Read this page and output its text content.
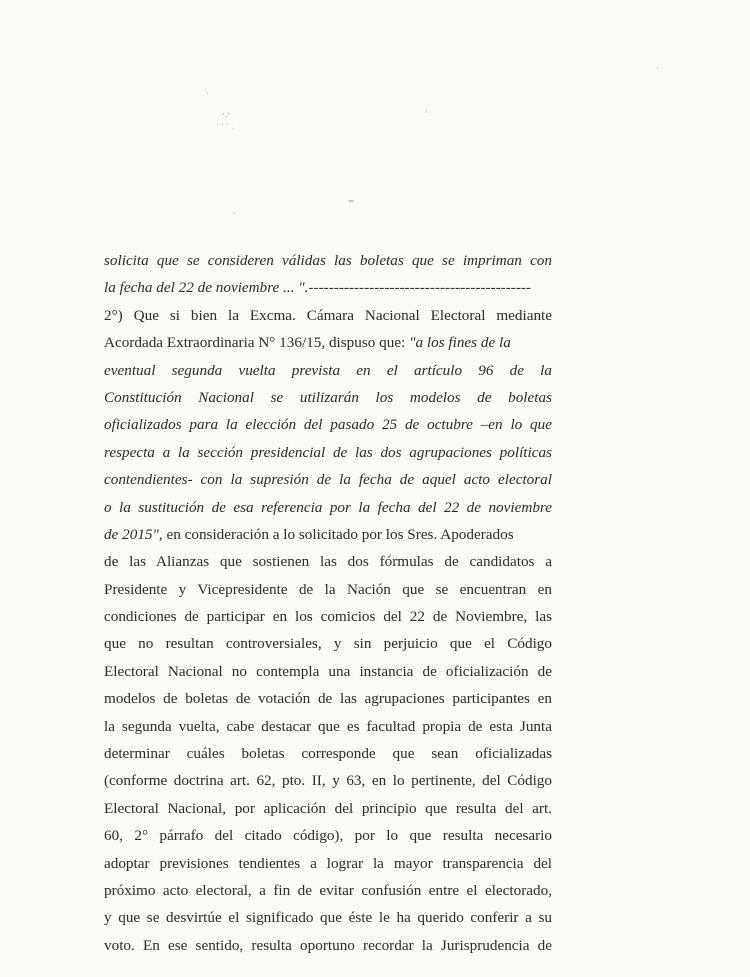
ˈ
·.·
˙ ʹ ʾ ˒
ʳ
⁼
ˎ
·
solicita que se consideren válidas las boletas que se impriman con
la fecha del 22 de noviembre ... ".--------------------------------------------
2°) Que si bien la Excma. Cámara Nacional Electoral mediante
Acordada Extraordinaria N° 136/15, dispuso que: "a los fines de la
eventual segunda vuelta prevista en el artículo 96 de la
Constitución Nacional se utilizarán los modelos de boletas
oficializados para la elección del pasado 25 de octubre –en lo que
respecta a la sección presidencial de las dos agrupaciones políticas
contendientes- con la supresión de la fecha de aquel acto electoral
o la sustitución de esa referencia por la fecha del 22 de noviembre
de 2015", en consideración a lo solicitado por los Sres. Apoderados
de las Alianzas que sostienen las dos fórmulas de candidatos a
Presidente y Vicepresidente de la Nación que se encuentran en
condiciones de participar en los comicios del 22 de Noviembre, las
que no resultan controversiales, y sin perjuicio que el Código
Electoral Nacional no contempla una instancia de oficialización de
modelos de boletas de votación de las agrupaciones participantes en
la segunda vuelta, cabe destacar que es facultad propia de esta Junta
determinar cuáles boletas corresponde que sean oficializadas
(conforme doctrina art. 62, pto. II, y 63, en lo pertinente, del Código
Electoral Nacional, por aplicación del principio que resulta del art.
60, 2° párrafo del citado código), por lo que resulta necesario
adoptar previsiones tendientes a lograr la mayor transparencia del
próximo acto electoral, a fin de evitar confusión entre el electorado,
y que se desvirtúe el significado que éste le ha querido conferir a su
voto. En ese sentido, resulta oportuno recordar la Jurisprudencia de
